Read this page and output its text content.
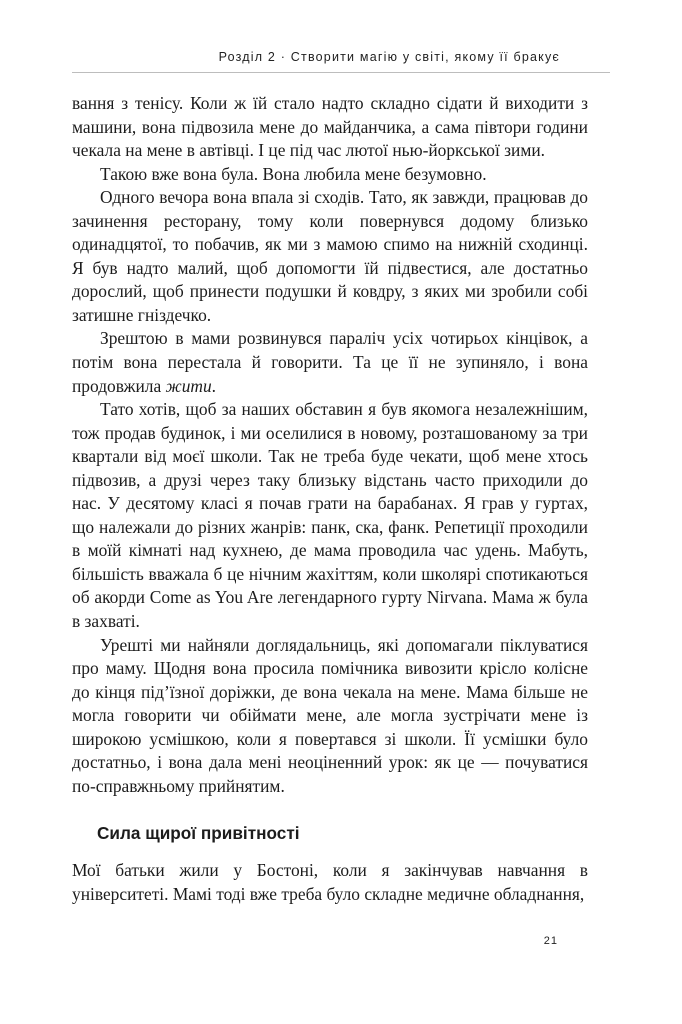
Розділ 2 · Створити магію у світі, якому її бракує

вання з тенісу. Коли ж їй стало надто складно сідати й виходити з машини, вона підвозила мене до майданчика, а сама півтори години чекала на мене в автівці. І це під час лютої нью-йоркської зими.

Такою вже вона була. Вона любила мене безумовно.

Одного вечора вона впала зі сходів. Тато, як завжди, працював до зачинення ресторану, тому коли повернувся додому близько одинадцятої, то побачив, як ми з мамою спимо на нижній сходинці. Я був надто малий, щоб допомогти їй підвестися, але достатньо дорослий, щоб принести подушки й ковдру, з яких ми зробили собі затишне гніздечко.

Зрештою в мами розвинувся параліч усіх чотирьох кінцівок, а потім вона перестала й говорити. Та це її не зупиняло, і вона продовжила жити.

Тато хотів, щоб за наших обставин я був якомога незалежнішим, тож продав будинок, і ми оселилися в новому, розташованому за три квартали від моєї школи. Так не треба буде чекати, щоб мене хтось підвозив, а друзі через таку близьку відстань часто приходили до нас. У десятому класі я почав грати на барабанах. Я грав у гуртах, що належали до різних жанрів: панк, ска, фанк. Репетиції проходили в моїй кімнаті над кухнею, де мама проводила час удень. Мабуть, більшість вважала б це нічним жахіттям, коли школярі спотикаються об акорди Come as You Are легендарного гурту Nirvana. Мама ж була в захваті.

Урешті ми найняли доглядальниць, які допомагали піклуватися про маму. Щодня вона просила помічника вивозити крісло колісне до кінця під’їзної доріжки, де вона чекала на мене. Мама більше не могла говорити чи обіймати мене, але могла зустрічати мене із широкою усмішкою, коли я повертався зі школи. Її усмішки було достатньо, і вона дала мені неоціненний урок: як це — почуватися по-справжньому прийнятим.

Сила щирої привітності

Мої батьки жили у Бостоні, коли я закінчував навчання в університеті. Мамі тоді вже треба було складне медичне обладнання,

21
